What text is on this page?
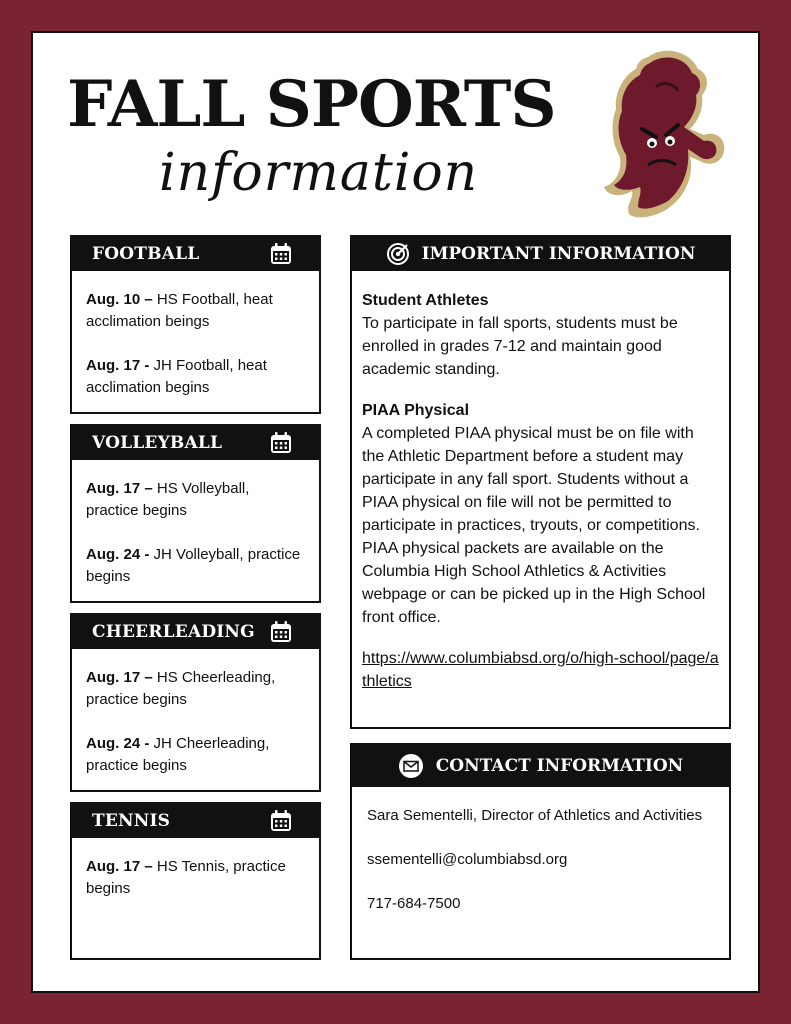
FALL SPORTS
information
FOOTBALL

Aug. 10 – HS Football, heat acclimation beings

Aug. 17 - JH Football, heat acclimation begins

VOLLEYBALL

Aug. 17 – HS Volleyball, practice begins

Aug. 24 - JH Volleyball, practice begins

CHEERLEADING

Aug. 17 – HS Cheerleading, practice begins

Aug. 24 - JH Cheerleading, practice begins

TENNIS

Aug. 17 – HS Tennis, practice begins

IMPORTANT INFORMATION
Student Athletes
To participate in fall sports, students must be enrolled in grades 7-12 and maintain good academic standing.
PIAA Physical
A completed PIAA physical must be on file with the Athletic Department before a student may participate in any fall sport. Students without a PIAA physical on file will not be permitted to participate in practices, tryouts, or competitions. PIAA physical packets are available on the Columbia High School Athletics & Activities webpage or can be picked up in the High School front office.
https://www.columbiabsd.org/o/high-school/page/athletics
CONTACT INFORMATION

Sara Sementelli, Director of Athletics and Activities

ssementelli@columbiabsd.org

717-684-7500
